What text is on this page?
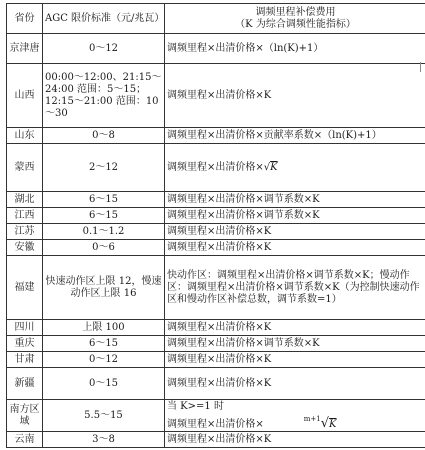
省份	AGC 限价标准（元/兆瓦）	调频里程补偿费用
（K 为综合调频性能指标）

京津唐	0～12	调频里程×出清价格×（ln(K)+1）
山西	00:00～12:00、21:15～24:00 范围：5～15；12:15～21:00 范围：10～30	调频里程×出清价格×K
山东	0～8	调频里程×出清价格×贡献率系数×（ln(K)+1）
蒙西	2～12	调频里程×出清价格×√K
湖北	6～15	调频里程×出清价格×调节系数×K
江西	6～15	调频里程×出清价格×调节系数×K
江苏	0.1～1.2	调频里程×出清价格×K
安徽	0～6	调频里程×出清价格×K
福建	快速动作区上限 12，慢速动作区上限 16	快动作区：调频里程×出清价格×调节系数×K；慢动作区：调频里程×出清价格×调节系数×K（为控制快速动作区和慢动作区补偿总数，调节系数=1）
四川	上限 100	调频里程×出清价格×K
重庆	6～15	调频里程×出清价格×调节系数×K
甘肃	0～12	调频里程×出清价格×K
新疆	0～15	调频里程×出清价格×K
南方区域	5.5～15	当 K>=1 时
调频里程×出清价格× $^{m+1}$√K

云南	3～8	调频里程×出清价格×K
